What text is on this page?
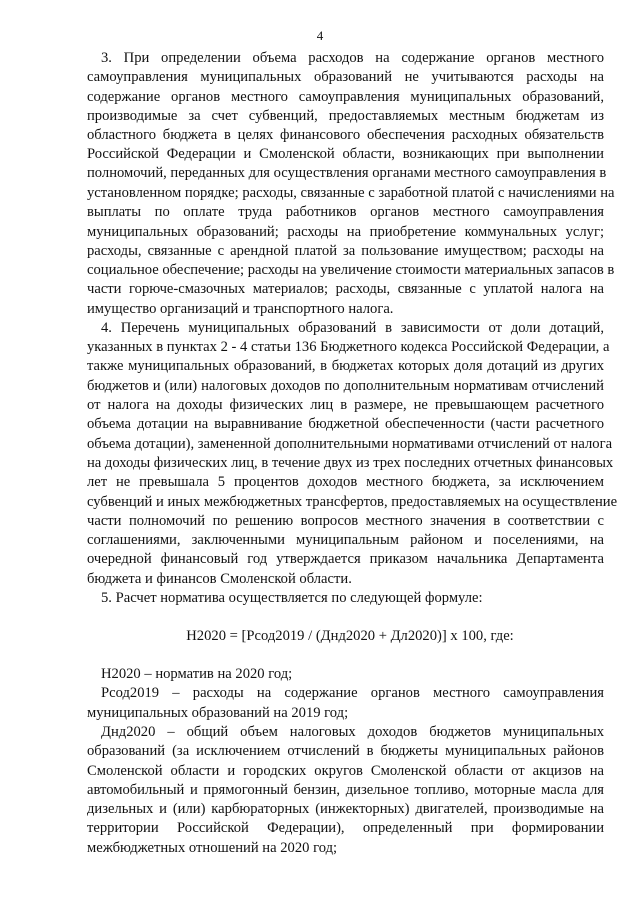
4
3. При определении объема расходов на содержание органов местного
самоуправления муниципальных образований не учитываются расходы на
содержание органов местного самоуправления муниципальных образований,
производимые за счет субвенций, предоставляемых местным бюджетам из
областного бюджета в целях финансового обеспечения расходных обязательств
Российской Федерации и Смоленской области, возникающих при выполнении
полномочий, переданных для осуществления органами местного самоуправления в
установленном порядке; расходы, связанные с заработной платой с начислениями на
выплаты по оплате труда работников органов местного самоуправления
муниципальных образований; расходы на приобретение коммунальных услуг;
расходы, связанные с арендной платой за пользование имуществом; расходы на
социальное обеспечение; расходы на увеличение стоимости материальных запасов в
части горюче-смазочных материалов; расходы, связанные с уплатой налога на
имущество организаций и транспортного налога.
4. Перечень муниципальных образований в зависимости от доли дотаций,
указанных в пунктах 2 - 4 статьи 136 Бюджетного кодекса Российской Федерации, а
также муниципальных образований, в бюджетах которых доля дотаций из других
бюджетов и (или) налоговых доходов по дополнительным нормативам отчислений
от налога на доходы физических лиц в размере, не превышающем расчетного
объема дотации на выравнивание бюджетной обеспеченности (части расчетного
объема дотации), замененной дополнительными нормативами отчислений от налога
на доходы физических лиц, в течение двух из трех последних отчетных финансовых
лет не превышала 5 процентов доходов местного бюджета, за исключением
субвенций и иных межбюджетных трансфертов, предоставляемых на осуществление
части полномочий по решению вопросов местного значения в соответствии с
соглашениями, заключенными муниципальным районом и поселениями, на
очередной финансовый год утверждается приказом начальника Департамента
бюджета и финансов Смоленской области.
5. Расчет норматива осуществляется по следующей формуле:
Н2020 = [Рсод2019 / (Днд2020 + Дл2020)] х 100, где:
Н2020 – норматив на 2020 год;
Рсод2019 – расходы на содержание органов местного самоуправления
муниципальных образований на 2019 год;
Днд2020 – общий объем налоговых доходов бюджетов муниципальных
образований (за исключением отчислений в бюджеты муниципальных районов
Смоленской области и городских округов Смоленской области от акцизов на
автомобильный и прямогонный бензин, дизельное топливо, моторные масла для
дизельных и (или) карбюраторных (инжекторных) двигателей, производимые на
территории Российской Федерации), определенный при формировании
межбюджетных отношений на 2020 год;
